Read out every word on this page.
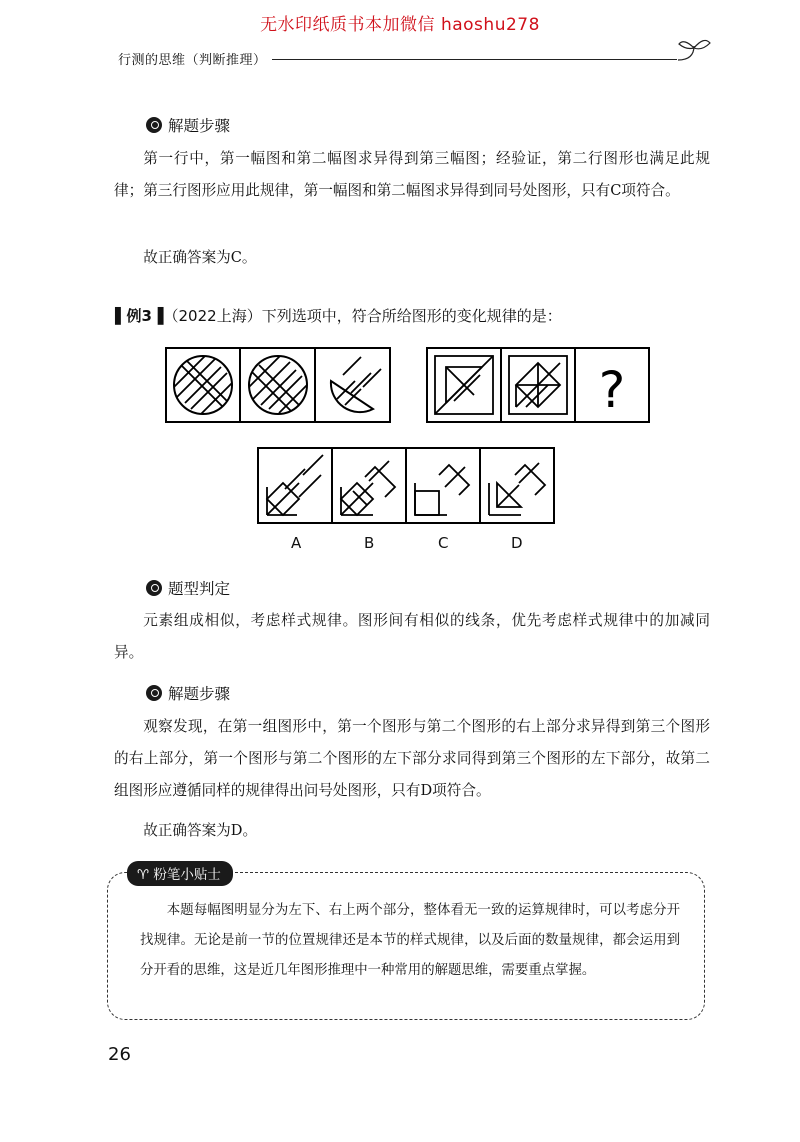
无水印纸质书本加微信 haoshu278
行测的思维（判断推理）
解题步骤
第一行中，第一幅图和第二幅图求异得到第三幅图；经验证，第二行图形也满足此规律；第三行图形应用此规律，第一幅图和第二幅图求异得到同号处图形，只有C项符合。
故正确答案为C。
▌例3▐（2022上海）下列选项中，符合所给图形的变化规律的是：
?
A	B	C	D
题型判定
元素组成相似，考虑样式规律。图形间有相似的线条，优先考虑样式规律中的加减同异。
解题步骤
观察发现，在第一组图形中，第一个图形与第二个图形的右上部分求异得到第三个图形的右上部分，第一个图形与第二个图形的左下部分求同得到第三个图形的左下部分，故第二组图形应遵循同样的规律得出问号处图形，只有D项符合。
故正确答案为D。
♈ 粉笔小贴士
本题每幅图明显分为左下、右上两个部分，整体看无一致的运算规律时，可以考虑分开找规律。无论是前一节的位置规律还是本节的样式规律，以及后面的数量规律，都会运用到分开看的思维，这是近几年图形推理中一种常用的解题思维，需要重点掌握。
26
